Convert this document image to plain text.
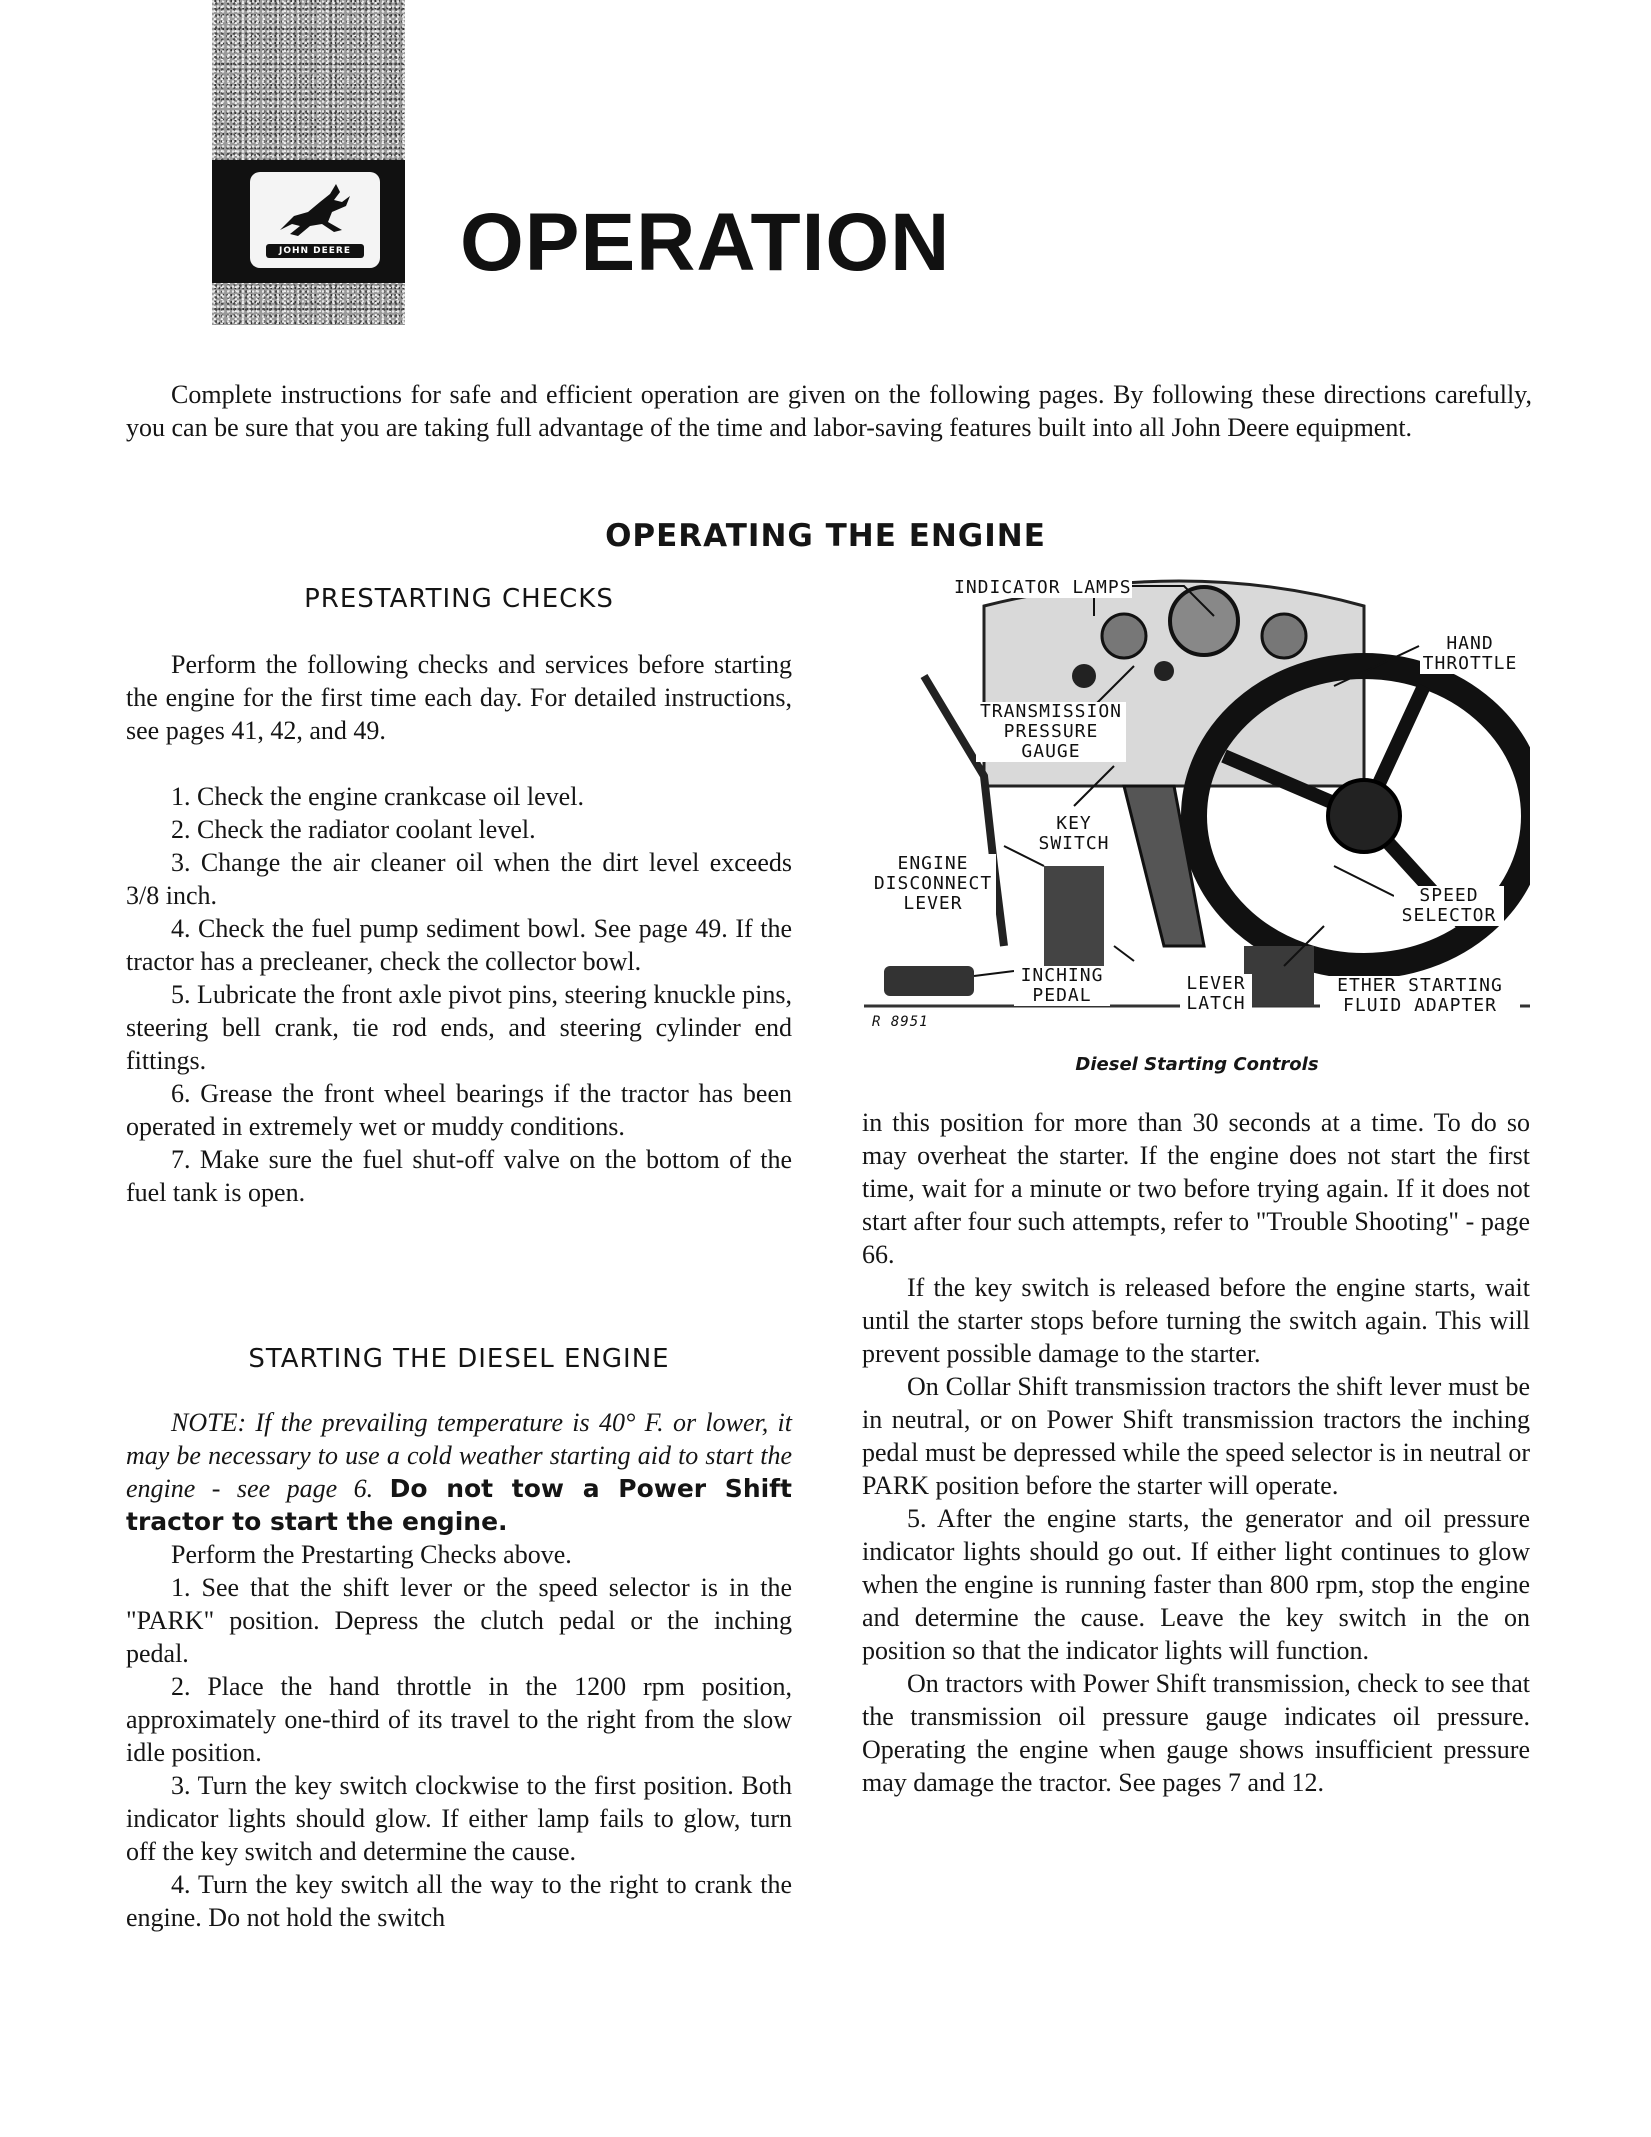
JOHN DEERE OPERATION

Complete instructions for safe and efficient operation are given on the following pages. By following these directions carefully, you can be sure that you are taking full advantage of the time and labor-saving features built into all John Deere equipment.

OPERATING THE ENGINE
PRESTARTING CHECKS

Perform the following checks and services before starting the engine for the first time each day. For detailed instructions, see pages 41, 42, and 49.

1. Check the engine crankcase oil level.

2. Check the radiator coolant level.

3. Change the air cleaner oil when the dirt level exceeds 3/8 inch.

4. Check the fuel pump sediment bowl. See page 49. If the tractor has a precleaner, check the collector bowl.

5. Lubricate the front axle pivot pins, steering knuckle pins, steering bell crank, tie rod ends, and steering cylinder end fittings.

6. Grease the front wheel bearings if the tractor has been operated in extremely wet or muddy conditions.

7. Make sure the fuel shut-off valve on the bottom of the fuel tank is open.

STARTING THE DIESEL ENGINE

NOTE: If the prevailing temperature is 40° F. or lower, it may be necessary to use a cold weather starting aid to start the engine - see page 6. Do not tow a Power Shift tractor to start the engine.

Perform the Prestarting Checks above.

1. See that the shift lever or the speed selector is in the "PARK" position. Depress the clutch pedal or the inching pedal.

2. Place the hand throttle in the 1200 rpm position, approximately one-third of its travel to the right from the slow idle position.

3. Turn the key switch clockwise to the first position. Both indicator lights should glow. If either lamp fails to glow, turn off the key switch and determine the cause.

4. Turn the key switch all the way to the right to crank the engine. Do not hold the switch

INDICATOR LAMPS
HAND
THROTTLE
TRANSMISSION
PRESSURE
GAUGE
KEY
SWITCH
ENGINE
DISCONNECT
LEVER	SPEED
SELECTOR
INCHING
PEDAL
LEVER
LATCH
ETHER STARTING
FLUID ADAPTER
R 8951

Diesel Starting Controls

in this position for more than 30 seconds at a time. To do so may overheat the starter. If the engine does not start the first time, wait for a minute or two before trying again. If it does not start after four such attempts, refer to "Trouble Shooting" - page 66.

If the key switch is released before the engine starts, wait until the starter stops before turning the switch again. This will prevent possible damage to the starter.

On Collar Shift transmission tractors the shift lever must be in neutral, or on Power Shift transmission tractors the inching pedal must be depressed while the speed selector is in neutral or PARK position before the starter will operate.

5. After the engine starts, the generator and oil pressure indicator lights should go out. If either light continues to glow when the engine is running faster than 800 rpm, stop the engine and determine the cause. Leave the key switch in the on position so that the indicator lights will function.

On tractors with Power Shift transmission, check to see that the transmission oil pressure gauge indicates oil pressure. Operating the engine when gauge shows insufficient pressure may damage the tractor. See pages 7 and 12.
